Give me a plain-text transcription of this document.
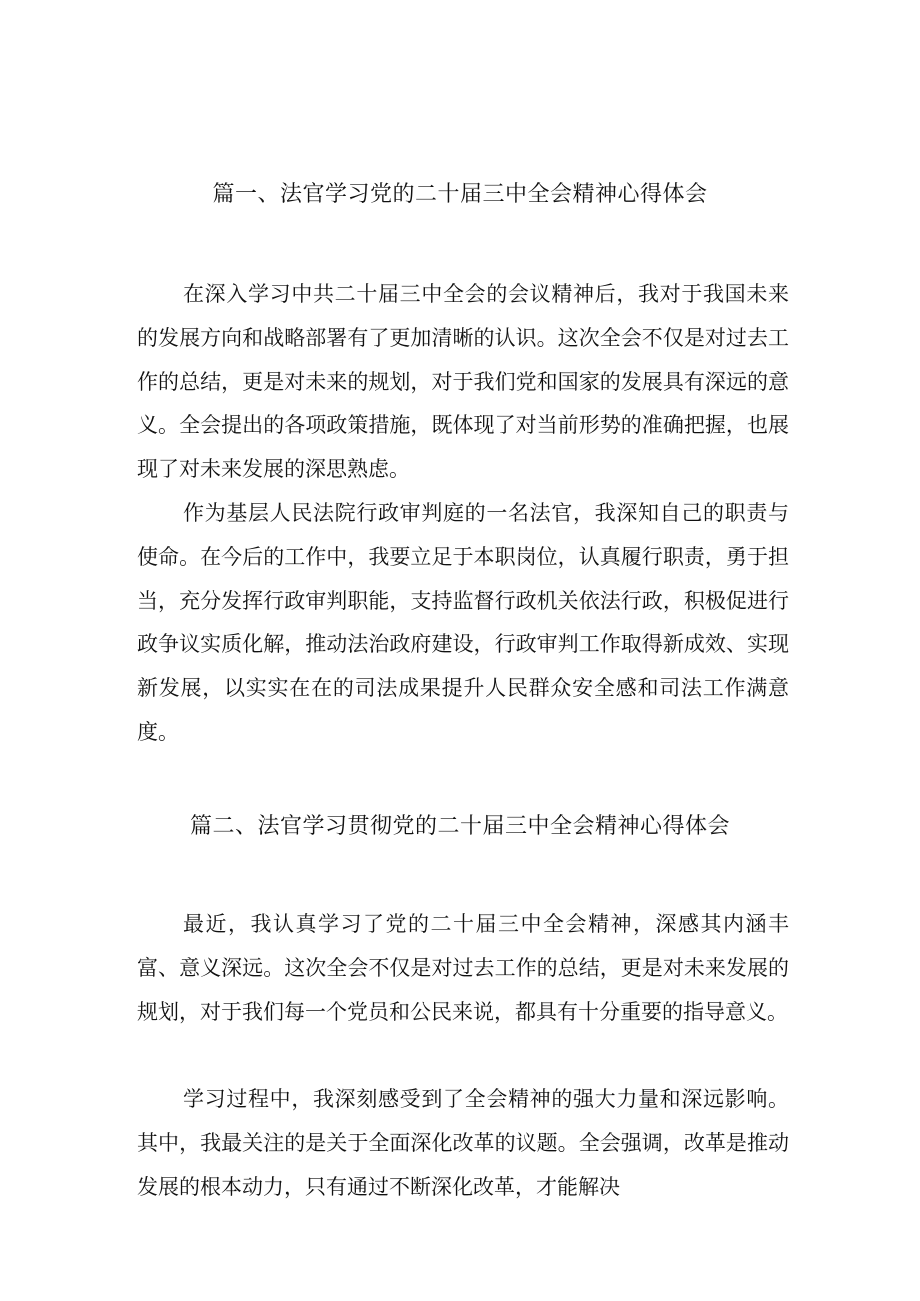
篇一、法官学习党的二十届三中全会精神心得体会

在深入学习中共二十届三中全会的会议精神后，我对于我国未来的发展方向和战略部署有了更加清晰的认识。这次全会不仅是对过去工作的总结，更是对未来的规划，对于我们党和国家的发展具有深远的意义。全会提出的各项政策措施，既体现了对当前形势的准确把握，也展现了对未来发展的深思熟虑。

作为基层人民法院行政审判庭的一名法官，我深知自己的职责与使命。在今后的工作中，我要立足于本职岗位，认真履行职责，勇于担当，充分发挥行政审判职能，支持监督行政机关依法行政，积极促进行政争议实质化解，推动法治政府建设，行政审判工作取得新成效、实现新发展，以实实在在的司法成果提升人民群众安全感和司法工作满意度。

篇二、法官学习贯彻党的二十届三中全会精神心得体会

最近，我认真学习了党的二十届三中全会精神，深感其内涵丰富、意义深远。这次全会不仅是对过去工作的总结，更是对未来发展的规划，对于我们每一个党员和公民来说，都具有十分重要的指导意义。

学习过程中，我深刻感受到了全会精神的强大力量和深远影响。其中，我最关注的是关于全面深化改革的议题。全会强调，改革是推动发展的根本动力，只有通过不断深化改革，才能解决
